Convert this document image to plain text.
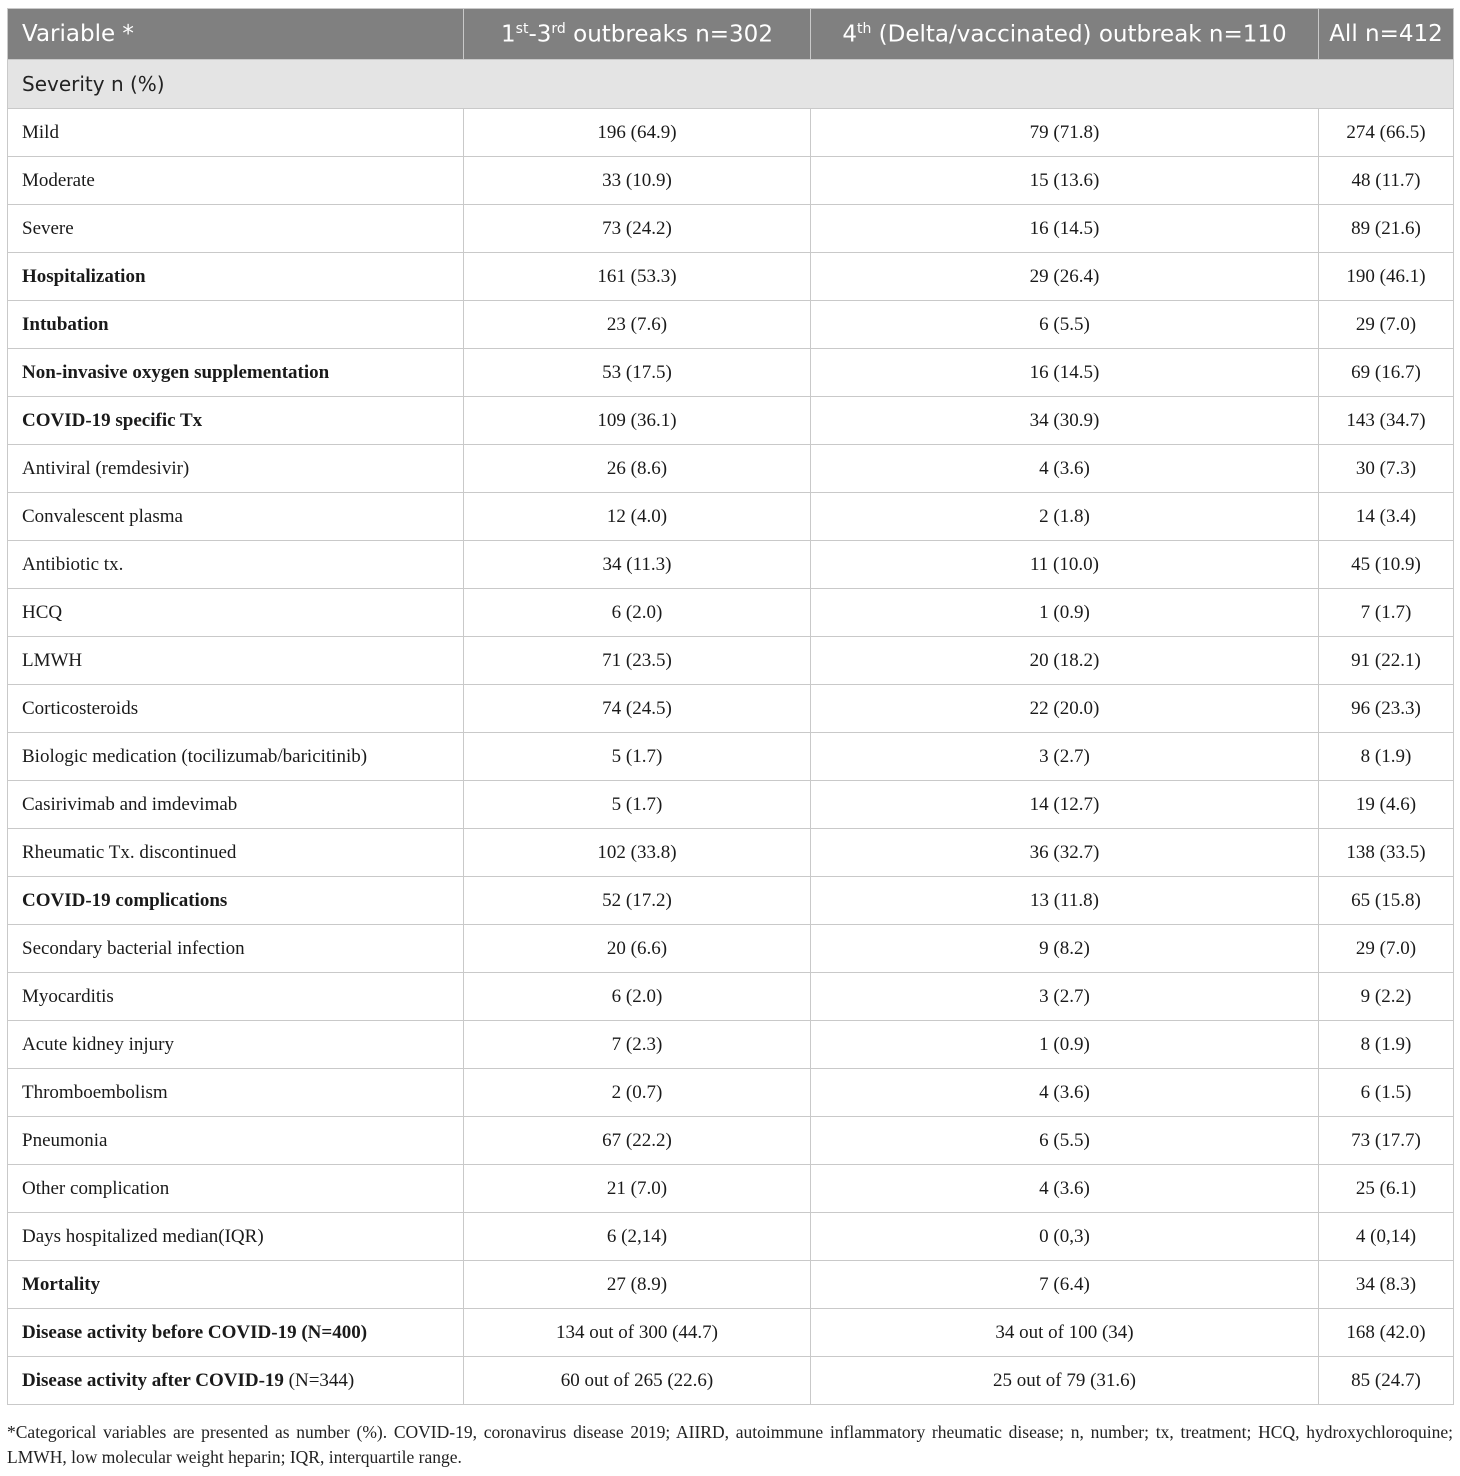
Variable *	1st-3rd outbreaks n=302	4th (Delta/vaccinated) outbreak n=110	All n=412
Severity n (%)			
Mild	196 (64.9)	79 (71.8)	274 (66.5)
Moderate	33 (10.9)	15 (13.6)	48 (11.7)
Severe	73 (24.2)	16 (14.5)	89 (21.6)
Hospitalization	161 (53.3)	29 (26.4)	190 (46.1)
Intubation	23 (7.6)	6 (5.5)	29 (7.0)
Non-invasive oxygen supplementation	53 (17.5)	16 (14.5)	69 (16.7)
COVID-19 specific Tx	109 (36.1)	34 (30.9)	143 (34.7)
Antiviral (remdesivir)	26 (8.6)	4 (3.6)	30 (7.3)
Convalescent plasma	12 (4.0)	2 (1.8)	14 (3.4)
Antibiotic tx.	34 (11.3)	11 (10.0)	45 (10.9)
HCQ	6 (2.0)	1 (0.9)	7 (1.7)
LMWH	71 (23.5)	20 (18.2)	91 (22.1)
Corticosteroids	74 (24.5)	22 (20.0)	96 (23.3)
Biologic medication (tocilizumab/baricitinib)	5 (1.7)	3 (2.7)	8 (1.9)
Casirivimab and imdevimab	5 (1.7)	14 (12.7)	19 (4.6)
Rheumatic Tx. discontinued	102 (33.8)	36 (32.7)	138 (33.5)
COVID-19 complications	52 (17.2)	13 (11.8)	65 (15.8)
Secondary bacterial infection	20 (6.6)	9 (8.2)	29 (7.0)
Myocarditis	6 (2.0)	3 (2.7)	9 (2.2)
Acute kidney injury	7 (2.3)	1 (0.9)	8 (1.9)
Thromboembolism	2 (0.7)	4 (3.6)	6 (1.5)
Pneumonia	67 (22.2)	6 (5.5)	73 (17.7)
Other complication	21 (7.0)	4 (3.6)	25 (6.1)
Days hospitalized median(IQR)	6 (2,14)	0 (0,3)	4 (0,14)
Mortality	27 (8.9)	7 (6.4)	34 (8.3)
Disease activity before COVID-19 (N=400)	134 out of 300 (44.7)	34 out of 100 (34)	168 (42.0)
Disease activity after COVID-19 (N=344)	60 out of 265 (22.6)	25 out of 79 (31.6)	85 (24.7)
*Categorical variables are presented as number (%). COVID-19, coronavirus disease 2019; AIIRD, autoimmune inflammatory rheumatic disease; n, number; tx, treatment; HCQ, hydroxychloroquine; LMWH, low molecular weight heparin; IQR, interquartile range.
